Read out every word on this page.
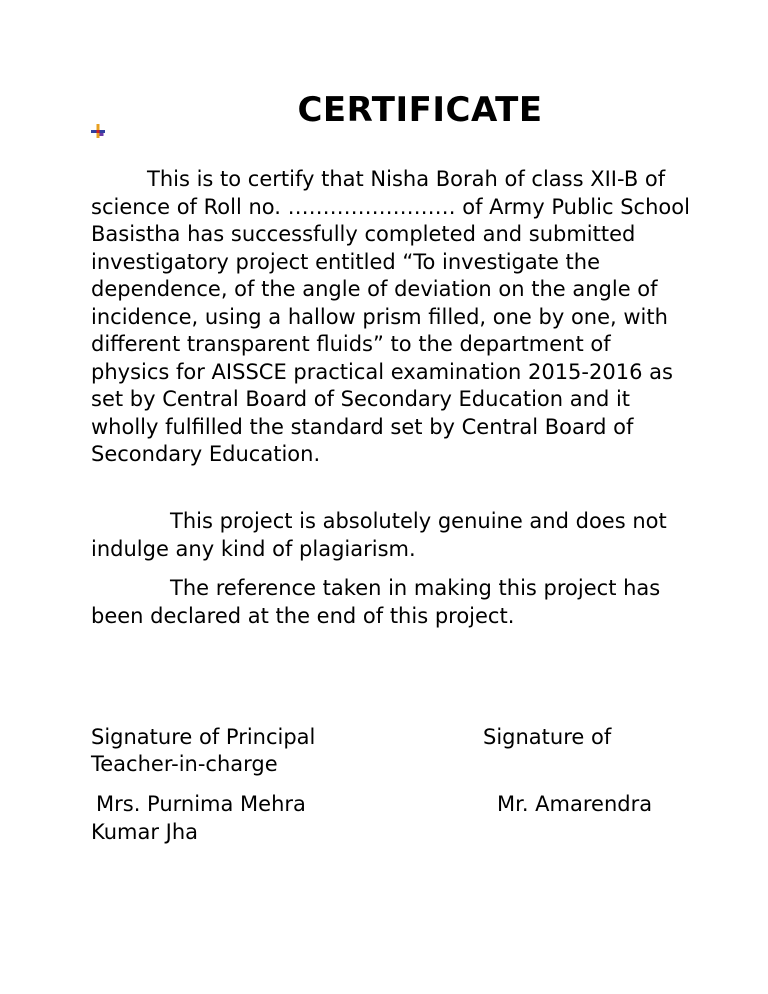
CERTIFICATE

This is to certify that Nisha Borah of class XII-B of science of Roll no. …………………… of Army Public School Basistha has successfully completed and submitted investigatory project entitled “To investigate the dependence, of the angle of deviation on the angle of incidence, using a hallow prism filled, one by one, with different transparent fluids” to the department of physics for AISSCE practical examination 2015-2016 as set by Central Board of Secondary Education and it wholly fulfilled the standard set by Central Board of Secondary Education.

This project is absolutely genuine and does not indulge any kind of plagiarism.

The reference taken in making this project has been declared at the end of this project.

Signature of Principal	Signature of
Teacher-in-charge
Mrs. Purnima Mehra	Mr. Amarendra
Kumar Jha
